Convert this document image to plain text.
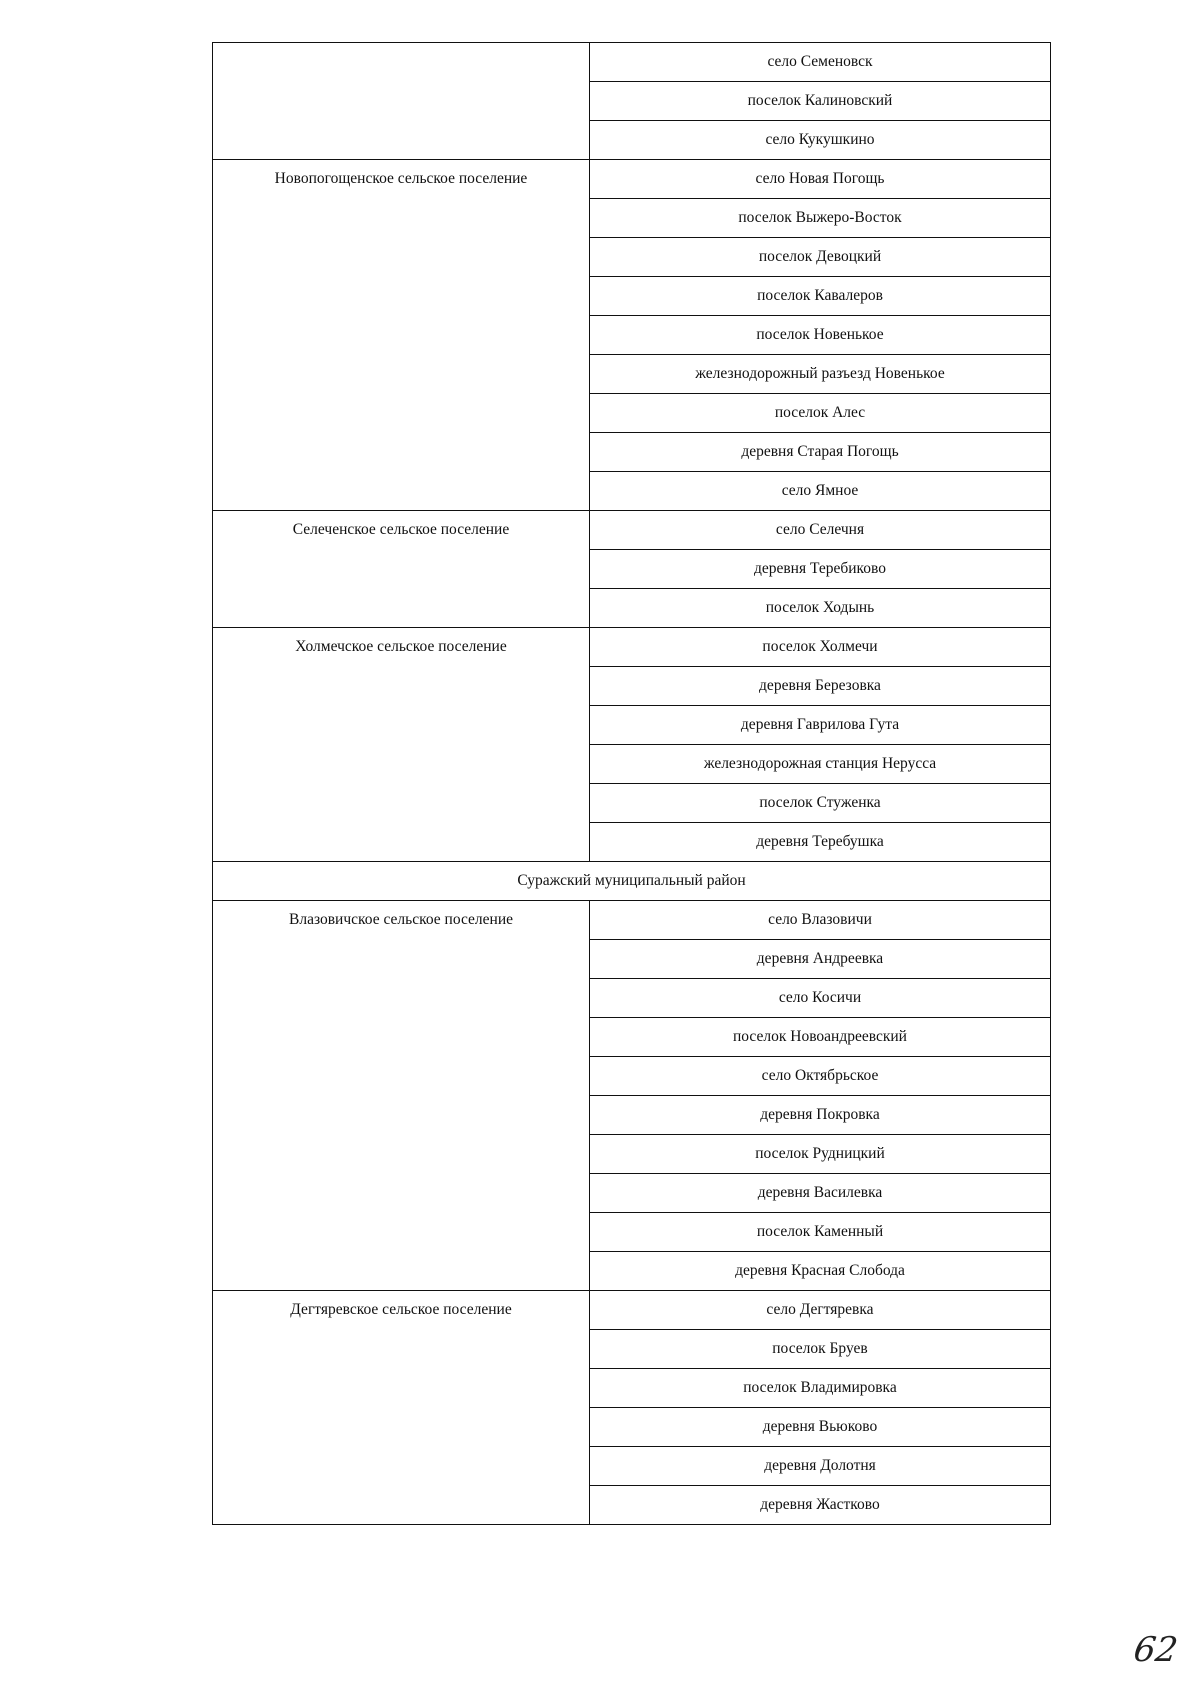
	село Семеновск
	поселок Калиновский
	село Кукушкино
Новопогощенское сельское поселение	село Новая Погощь
	поселок Выжеро-Восток
	поселок Девоцкий
	поселок Кавалеров
	поселок Новенькое
	железнодорожный разъезд Новенькое
	поселок Алес
	деревня Старая Погощь
	село Ямное
Селеченское сельское поселение	село Селечня
	деревня Теребиково
	поселок Ходынь
Холмечское сельское поселение	поселок Холмечи
	деревня Березовка
	деревня Гаврилова Гута
	железнодорожная станция Нерусса
	поселок Стуженка
	деревня Теребушка
Суражский муниципальный район	
Влазовичское сельское поселение	село Влазовичи
	деревня Андреевка
	село Косичи
	поселок Новоандреевский
	село Октябрьское
	деревня Покровка
	поселок Рудницкий
	деревня Василевка
	поселок Каменный
	деревня Красная Слобода
Дегтяревское сельское поселение	село Дегтяревка
	поселок Бруев
	поселок Владимировка
	деревня Вьюково
	деревня Долотня
	деревня Жастково
62
